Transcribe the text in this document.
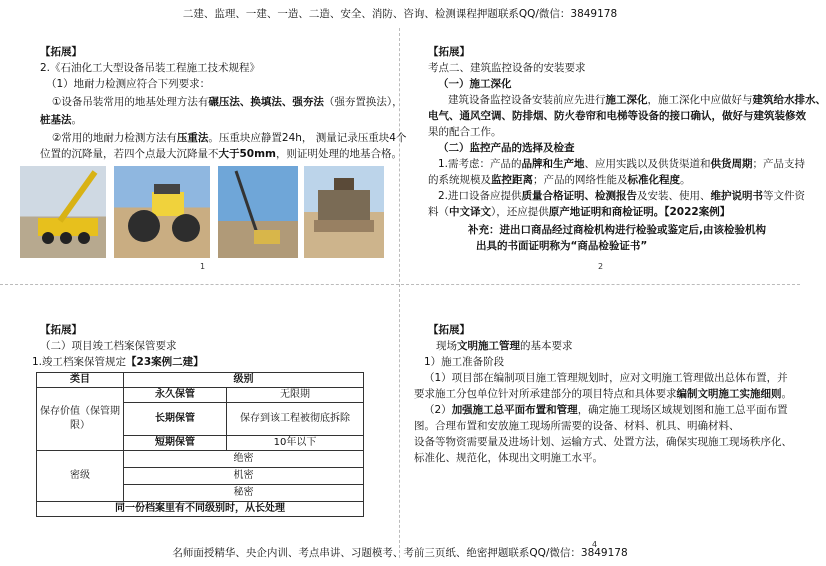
二建、监理、一建、一造、二造、安全、消防、咨询、检测课程押题联系QQ/微信：3849178
名师面授精华、央企内训、考点串讲、习题模考、考前三页纸、绝密押题联系QQ/微信：3849178
【拓展】
2.《石油化工大型设备吊装工程施工技术规程》
（1）地耐力检测应符合下列要求：
①设备吊装常用的地基处理方法有碾压法、换填法、强夯法（强夯置换法），
桩基法。
②常用的地耐力检测方法有压重法。压重块应静置24h， 测量记录压重块4个
位置的沉降量，若四个点最大沉降量不大于50mm，则证明处理的地基合格。
1
【拓展】
考点二、建筑监控设备的安装要求
（一）施工深化
建筑设备监控设备安装前应先进行施工深化，施工深化中应做好与建筑给水排水、
电气、通风空调、防排烟、防火卷帘和电梯等设备的接口确认，做好与建筑装修效
果的配合工作。
（二）监控产品的选择及检查
1.需考虑：产品的品牌和生产地、应用实践以及供货渠道和供货周期；产品支持
的系统规模及监控距离；产品的网络性能及标准化程度。
2.进口设备应提供质量合格证明、检测报告及安装、使用、维护说明书等文件资
料（中文译文），还应提供原产地证明和商检证明。【2022案例】
补充：进出口商品经过商检机构进行检验或鉴定后,由该检验机构
出具的书面证明称为“商品检验证书”
2
【拓展】
（二）项目竣工档案保管要求
1.竣工档案保管规定【23案例二建】
类目	级别	
保存价值（保管期限）	永久保管	无限期
	长期保管	保存到该工程被彻底拆除
	短期保管	10年以下
密级	绝密	
	机密	
	秘密	
同一份档案里有不同级别时，从长处理		
【拓展】
现场文明施工管理的基本要求
1）施工准备阶段
（1）项目部在编制项目施工管理规划时，应对文明施工管理做出总体布置，并
要求施工分包单位针对所承建部分的项目特点和具体要求编制文明施工实施细则。
（2）加强施工总平面布置和管理，确定施工现场区域规划图和施工总平面布置
图。合理布置和安放施工现场所需要的设备、材料、机具、明确材料、
设备等物资需要量及进场计划、运输方式、处置方法，确保实现施工现场秩序化、
标准化、规范化，体现出文明施工水平。
4
